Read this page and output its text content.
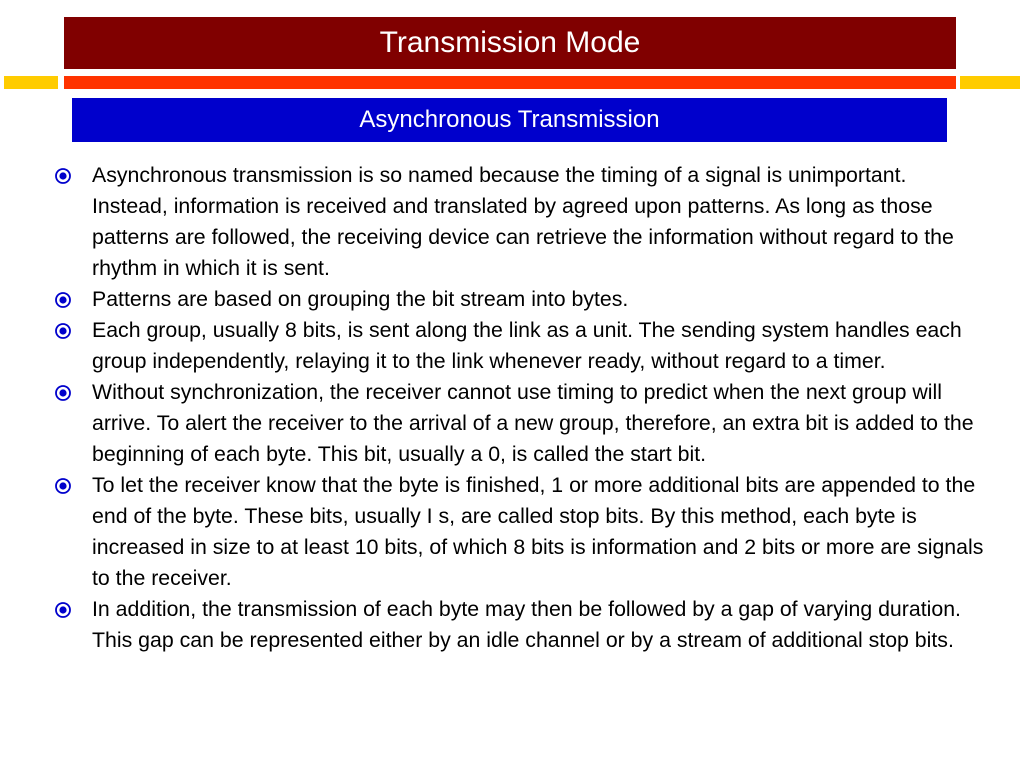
Transmission Mode
Asynchronous Transmission
Asynchronous transmission is so named because the timing of a signal is unimportant. Instead, information is received and translated by agreed upon patterns. As long as those patterns are followed, the receiving device can retrieve the information without regard to the rhythm in which it is sent.
Patterns are based on grouping the bit stream into bytes.
Each group, usually 8 bits, is sent along the link as a unit. The sending system handles each group independently, relaying it to the link whenever ready, without regard to a timer.
Without synchronization, the receiver cannot use timing to predict when the next group will arrive. To alert the receiver to the arrival of a new group, therefore, an extra bit is added to the beginning of each byte. This bit, usually a 0, is called the start bit.
To let the receiver know that the byte is finished, 1 or more additional bits are appended to the end of the byte. These bits, usually I s, are called stop bits. By this method, each byte is increased in size to at least 10 bits, of which 8 bits is information and 2 bits or more are signals to the receiver.
In addition, the transmission of each byte may then be followed by a gap of varying duration. This gap can be represented either by an idle channel or by a stream of additional stop bits.
